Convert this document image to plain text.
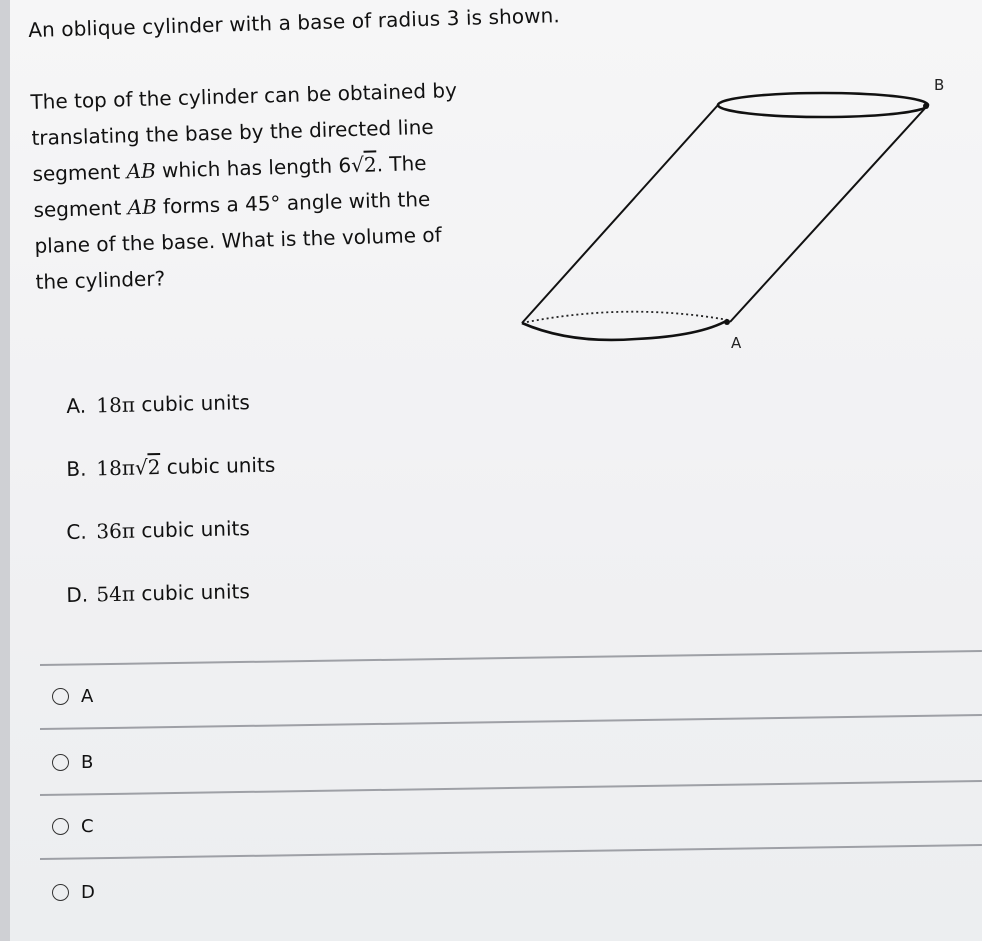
An oblique cylinder with a base of radius 3 is shown.

The top of the cylinder can be obtained by

translating the base by the directed line

segment AB which has length 6√2. The

segment AB forms a 45° angle with the

plane of the base. What is the volume of

the cylinder?

B
A
A. 18π cubic units
B. 18π√2 cubic units
C. 36π cubic units
D. 54π cubic units
A
B
C
D
